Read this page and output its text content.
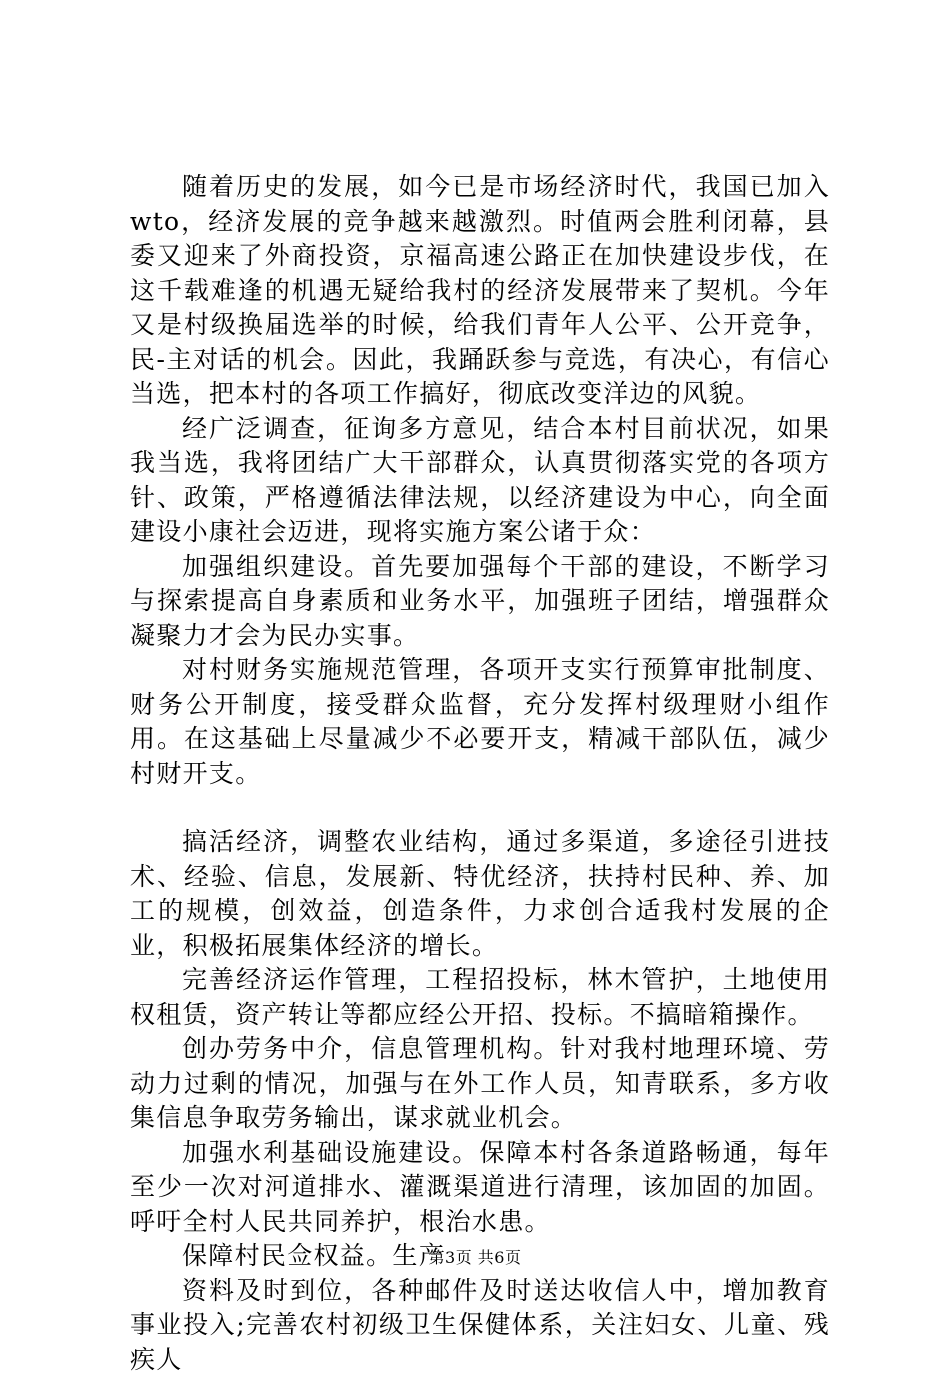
随着历史的发展，如今已是市场经济时代，我国已加入wto，经济发展的竞争越来越激烈。时值两会胜利闭幕，县委又迎来了外商投资，京福高速公路正在加快建设步伐，在这千载难逢的机遇无疑给我村的经济发展带来了契机。今年又是村级换届选举的时候，给我们青年人公平、公开竞争，民-主对话的机会。因此，我踊跃参与竞选，有决心，有信心当选，把本村的各项工作搞好，彻底改变洋边的风貌。

经广泛调查，征询多方意见，结合本村目前状况，如果我当选，我将团结广大干部群众，认真贯彻落实党的各项方针、政策，严格遵循法律法规，以经济建设为中心，向全面建设小康社会迈进，现将实施方案公诸于众：

加强组织建设。首先要加强每个干部的建设，不断学习与探索提高自身素质和业务水平，加强班子团结，增强群众凝聚力才会为民办实事。

对村财务实施规范管理，各项开支实行预算审批制度、财务公开制度，接受群众监督，充分发挥村级理财小组作用。在这基础上尽量减少不必要开支，精减干部队伍，减少村财开支。

搞活经济，调整农业结构，通过多渠道，多途径引进技术、经验、信息，发展新、特优经济，扶持村民种、养、加工的规模，创效益，创造条件，力求创合适我村发展的企业，积极拓展集体经济的增长。

完善经济运作管理，工程招投标，林木管护，土地使用权租赁，资产转让等都应经公开招、投标。不搞暗箱操作。

创办劳务中介，信息管理机构。针对我村地理环境、劳动力过剩的情况，加强与在外工作人员，知青联系，多方收集信息争取劳务输出，谋求就业机会。

加强水利基础设施建设。保障本村各条道路畅通，每年至少一次对河道排水、灌溉渠道进行清理，该加固的加固。呼吁全村人民共同养护，根治水患。

保障村民佥权益。生产

资料及时到位，各种邮件及时送达收信人中，增加教育事业投入;完善农村初级卫生保健体系，关注妇女、儿童、残疾人

第3页 共6页
